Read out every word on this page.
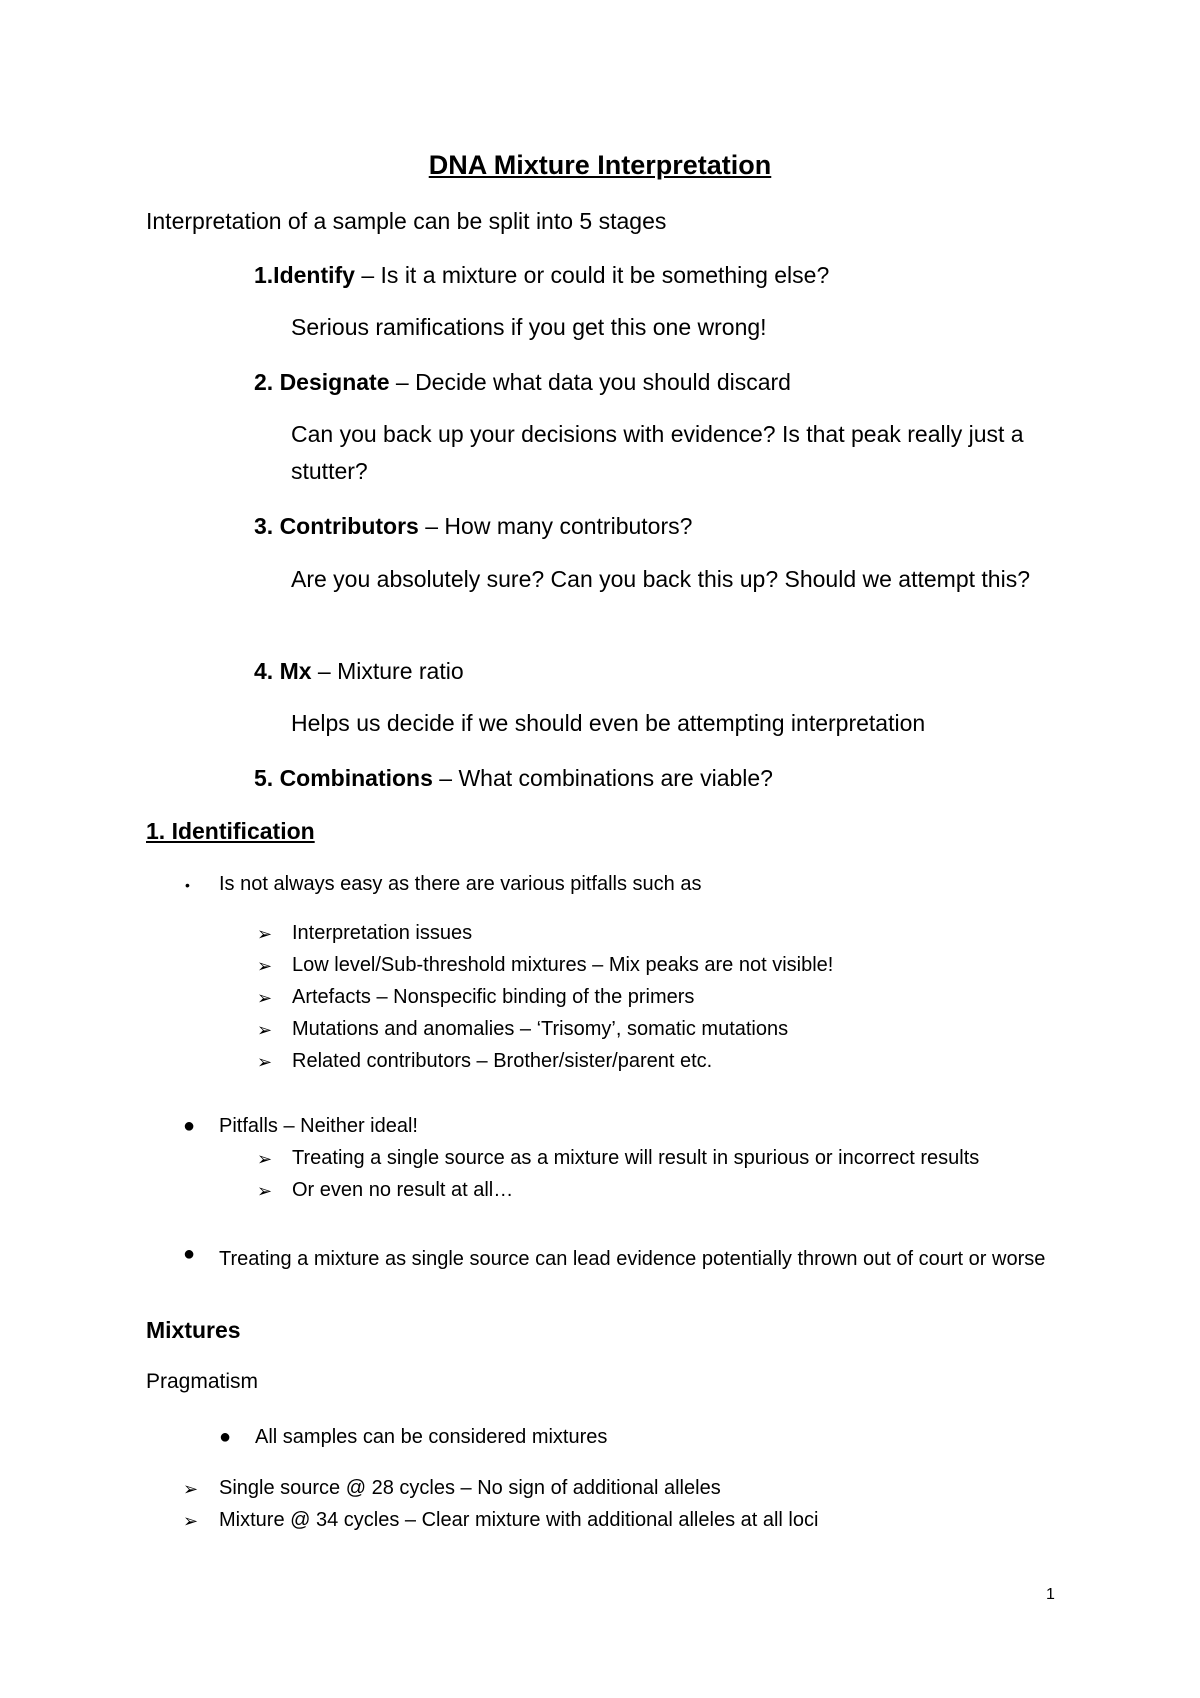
DNA Mixture Interpretation
Interpretation of a sample can be split into 5 stages
1.Identify – Is it a mixture or could it be something else?
Serious ramifications if you get this one wrong!
2. Designate – Decide what data you should discard
Can you back up your decisions with evidence? Is that peak really just a stutter?
3. Contributors – How many contributors?
Are you absolutely sure? Can you back this up? Should we attempt this?
4. Mx – Mixture ratio
Helps us decide if we should even be attempting interpretation
5. Combinations – What combinations are viable?
1. Identification
• Is not always easy as there are various pitfalls such as
➢ Interpretation issues
➢ Low level/Sub-threshold mixtures – Mix peaks are not visible!
➢ Artefacts – Nonspecific binding of the primers
➢ Mutations and anomalies – ‘Trisomy’, somatic mutations
➢ Related contributors – Brother/sister/parent etc.
● Pitfalls – Neither ideal!
➢ Treating a single source as a mixture will result in spurious or incorrect results
➢ Or even no result at all…
● Treating a mixture as single source can lead evidence potentially thrown out of court or worse
Mixtures
Pragmatism
● All samples can be considered mixtures
➢ Single source @ 28 cycles – No sign of additional alleles
➢ Mixture @ 34 cycles – Clear mixture with additional alleles at all loci
1
